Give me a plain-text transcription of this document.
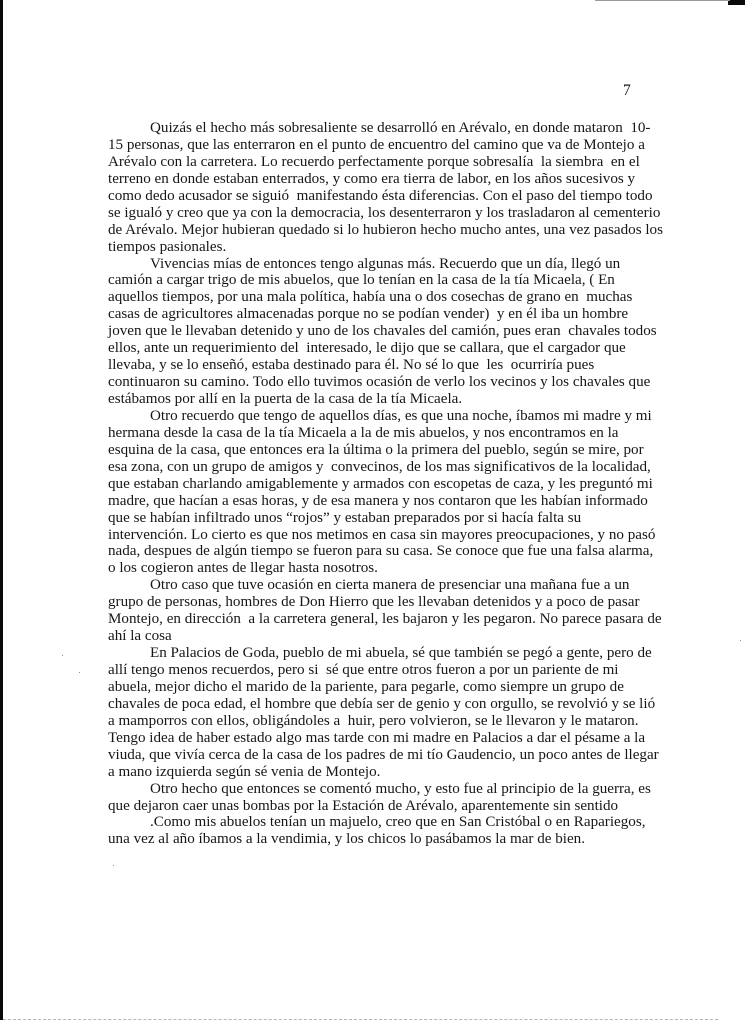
7
Quizás el hecho más sobresaliente se desarrolló en Arévalo, en donde mataron  10-
15 personas, que las enterraron en el punto de encuentro del camino que va de Montejo a
Arévalo con la carretera. Lo recuerdo perfectamente porque sobresalía  la siembra  en el
terreno en donde estaban enterrados, y como era tierra de labor, en los años sucesivos y
como dedo acusador se siguió  manifestando ésta diferencias. Con el paso del tiempo todo
se igualó y creo que ya con la democracia, los desenterraron y los trasladaron al cementerio
de Arévalo. Mejor hubieran quedado si lo hubieron hecho mucho antes, una vez pasados los
tiempos pasionales.
Vivencias mías de entonces tengo algunas más. Recuerdo que un día, llegó un
camión a cargar trigo de mis abuelos, que lo tenían en la casa de la tía Micaela, ( En
aquellos tiempos, por una mala política, había una o dos cosechas de grano en  muchas
casas de agricultores almacenadas porque no se podían vender)  y en él iba un hombre
joven que le llevaban detenido y uno de los chavales del camión, pues eran  chavales todos
ellos, ante un requerimiento del  interesado, le dijo que se callara, que el cargador que
llevaba, y se lo enseñó, estaba destinado para él. No sé lo que  les  ocurriría pues
continuaron su camino. Todo ello tuvimos ocasión de verlo los vecinos y los chavales que
estábamos por allí en la puerta de la casa de la tía Micaela.
Otro recuerdo que tengo de aquellos días, es que una noche, íbamos mi madre y mi
hermana desde la casa de la tía Micaela a la de mis abuelos, y nos encontramos en la
esquina de la casa, que entonces era la última o la primera del pueblo, según se mire, por
esa zona, con un grupo de amigos y  convecinos, de los mas significativos de la localidad,
que estaban charlando amigablemente y armados con escopetas de caza, y les preguntó mi
madre, que hacían a esas horas, y de esa manera y nos contaron que les habían informado
que se habían infiltrado unos “rojos” y estaban preparados por si hacía falta su
intervención. Lo cierto es que nos metimos en casa sin mayores preocupaciones, y no pasó
nada, despues de algún tiempo se fueron para su casa. Se conoce que fue una falsa alarma,
o los cogieron antes de llegar hasta nosotros.
Otro caso que tuve ocasión en cierta manera de presenciar una mañana fue a un
grupo de personas, hombres de Don Hierro que les llevaban detenidos y a poco de pasar
Montejo, en dirección  a la carretera general, les bajaron y les pegaron. No parece pasara de
ahí la cosa
En Palacios de Goda, pueblo de mi abuela, sé que también se pegó a gente, pero de
allí tengo menos recuerdos, pero si  sé que entre otros fueron a por un pariente de mi
abuela, mejor dicho el marido de la pariente, para pegarle, como siempre un grupo de
chavales de poca edad, el hombre que debía ser de genio y con orgullo, se revolvió y se lió
a mamporros con ellos, obligándoles a  huir, pero volvieron, se le llevaron y le mataron.
Tengo idea de haber estado algo mas tarde con mi madre en Palacios a dar el pésame a la
viuda, que vivía cerca de la casa de los padres de mi tío Gaudencio, un poco antes de llegar
a mano izquierda según sé venia de Montejo.
Otro hecho que entonces se comentó mucho, y esto fue al principio de la guerra, es
que dejaron caer unas bombas por la Estación de Arévalo, aparentemente sin sentido
.Como mis abuelos tenían un majuelo, creo que en San Cristóbal o en Rapariegos,
una vez al año íbamos a la vendimia, y los chicos lo pasábamos la mar de bien.
